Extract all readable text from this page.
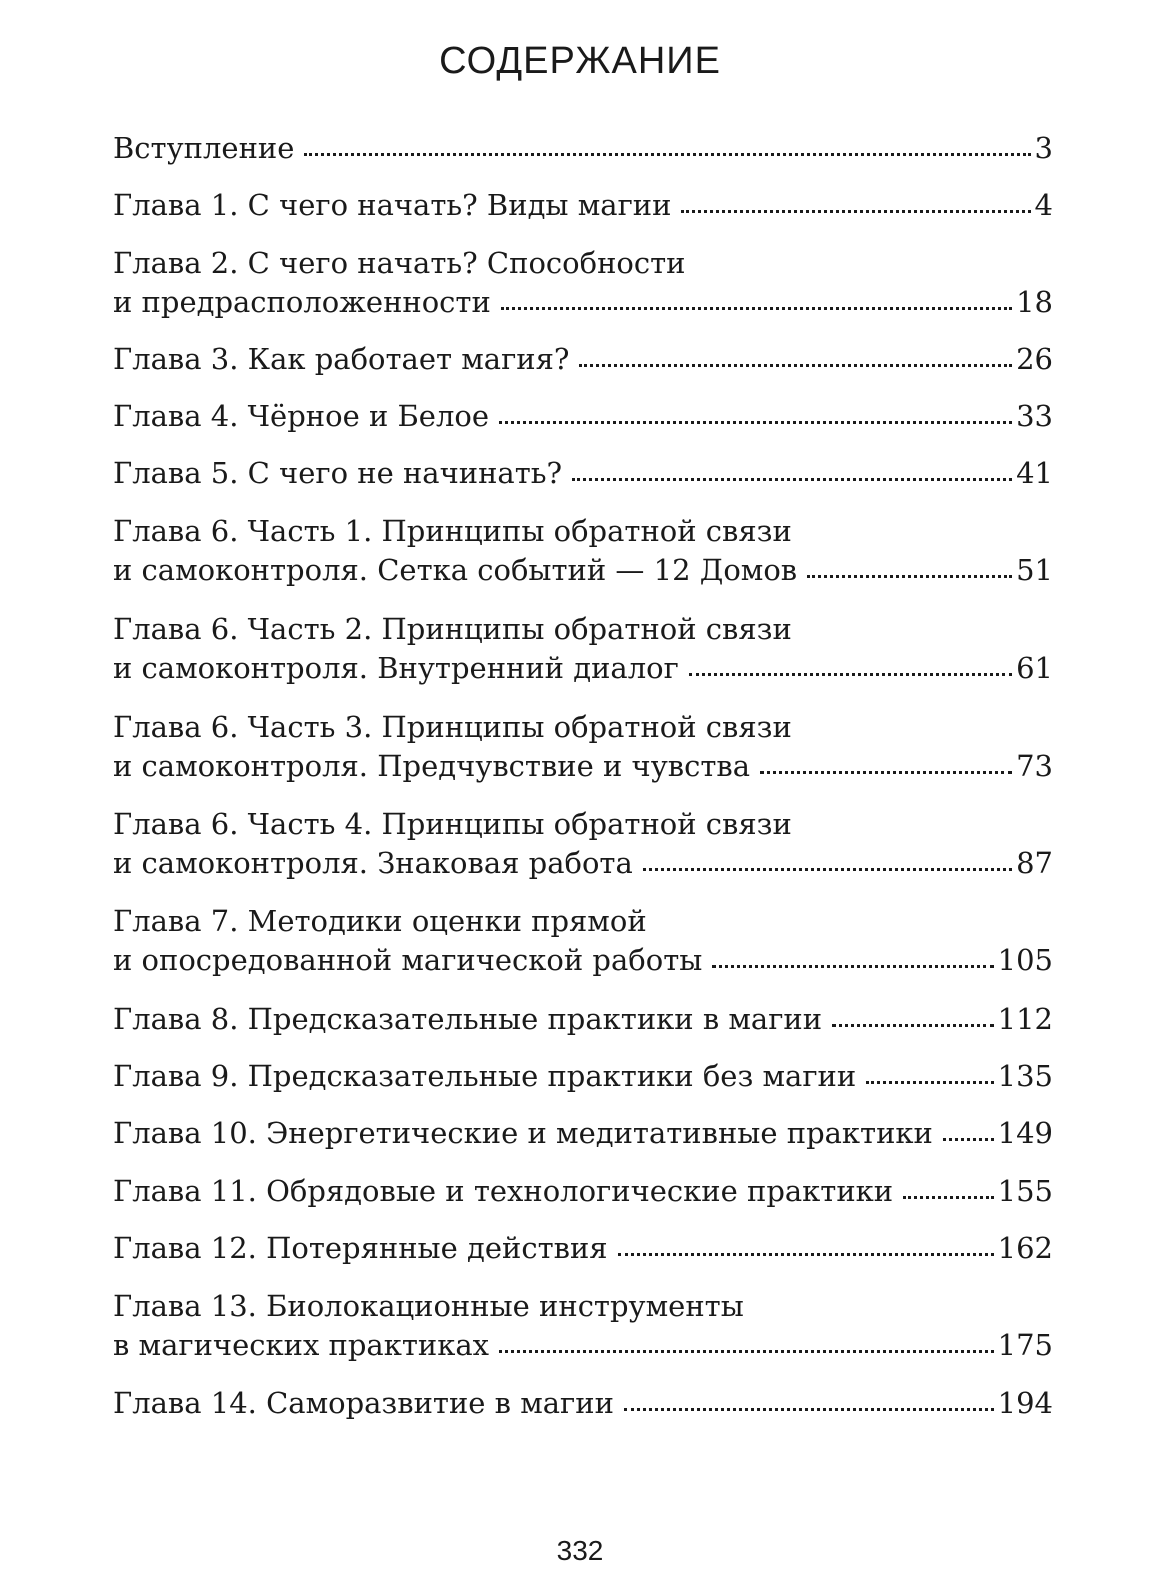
СОДЕРЖАНИЕ
Вступление	3
Глава 1. С чего начать? Виды магии	4
Глава 2. С чего начать? Способности
и предрасположенности	18
Глава 3. Как работает магия?	26
Глава 4. Чёрное и Белое	33
Глава 5. С чего не начинать?	41
Глава 6. Часть 1. Принципы обратной связи
и самоконтроля. Сетка событий — 12 Домов	51
Глава 6. Часть 2. Принципы обратной связи
и самоконтроля. Внутренний диалог	61
Глава 6. Часть 3. Принципы обратной связи
и самоконтроля. Предчувствие и чувства	73
Глава 6. Часть 4. Принципы обратной связи
и самоконтроля. Знаковая работа	87
Глава 7. Методики оценки прямой
и опосредованной магической работы	105
Глава 8. Предсказательные практики в магии	112
Глава 9. Предсказательные практики без магии	135
Глава 10. Энергетические и медитативные практики 149
Глава 11. Обрядовые и технологические практики	155
Глава 12. Потерянные действия	162
Глава 13. Биолокационные инструменты
в магических практиках	175
Глава 14. Саморазвитие в магии	194
332
